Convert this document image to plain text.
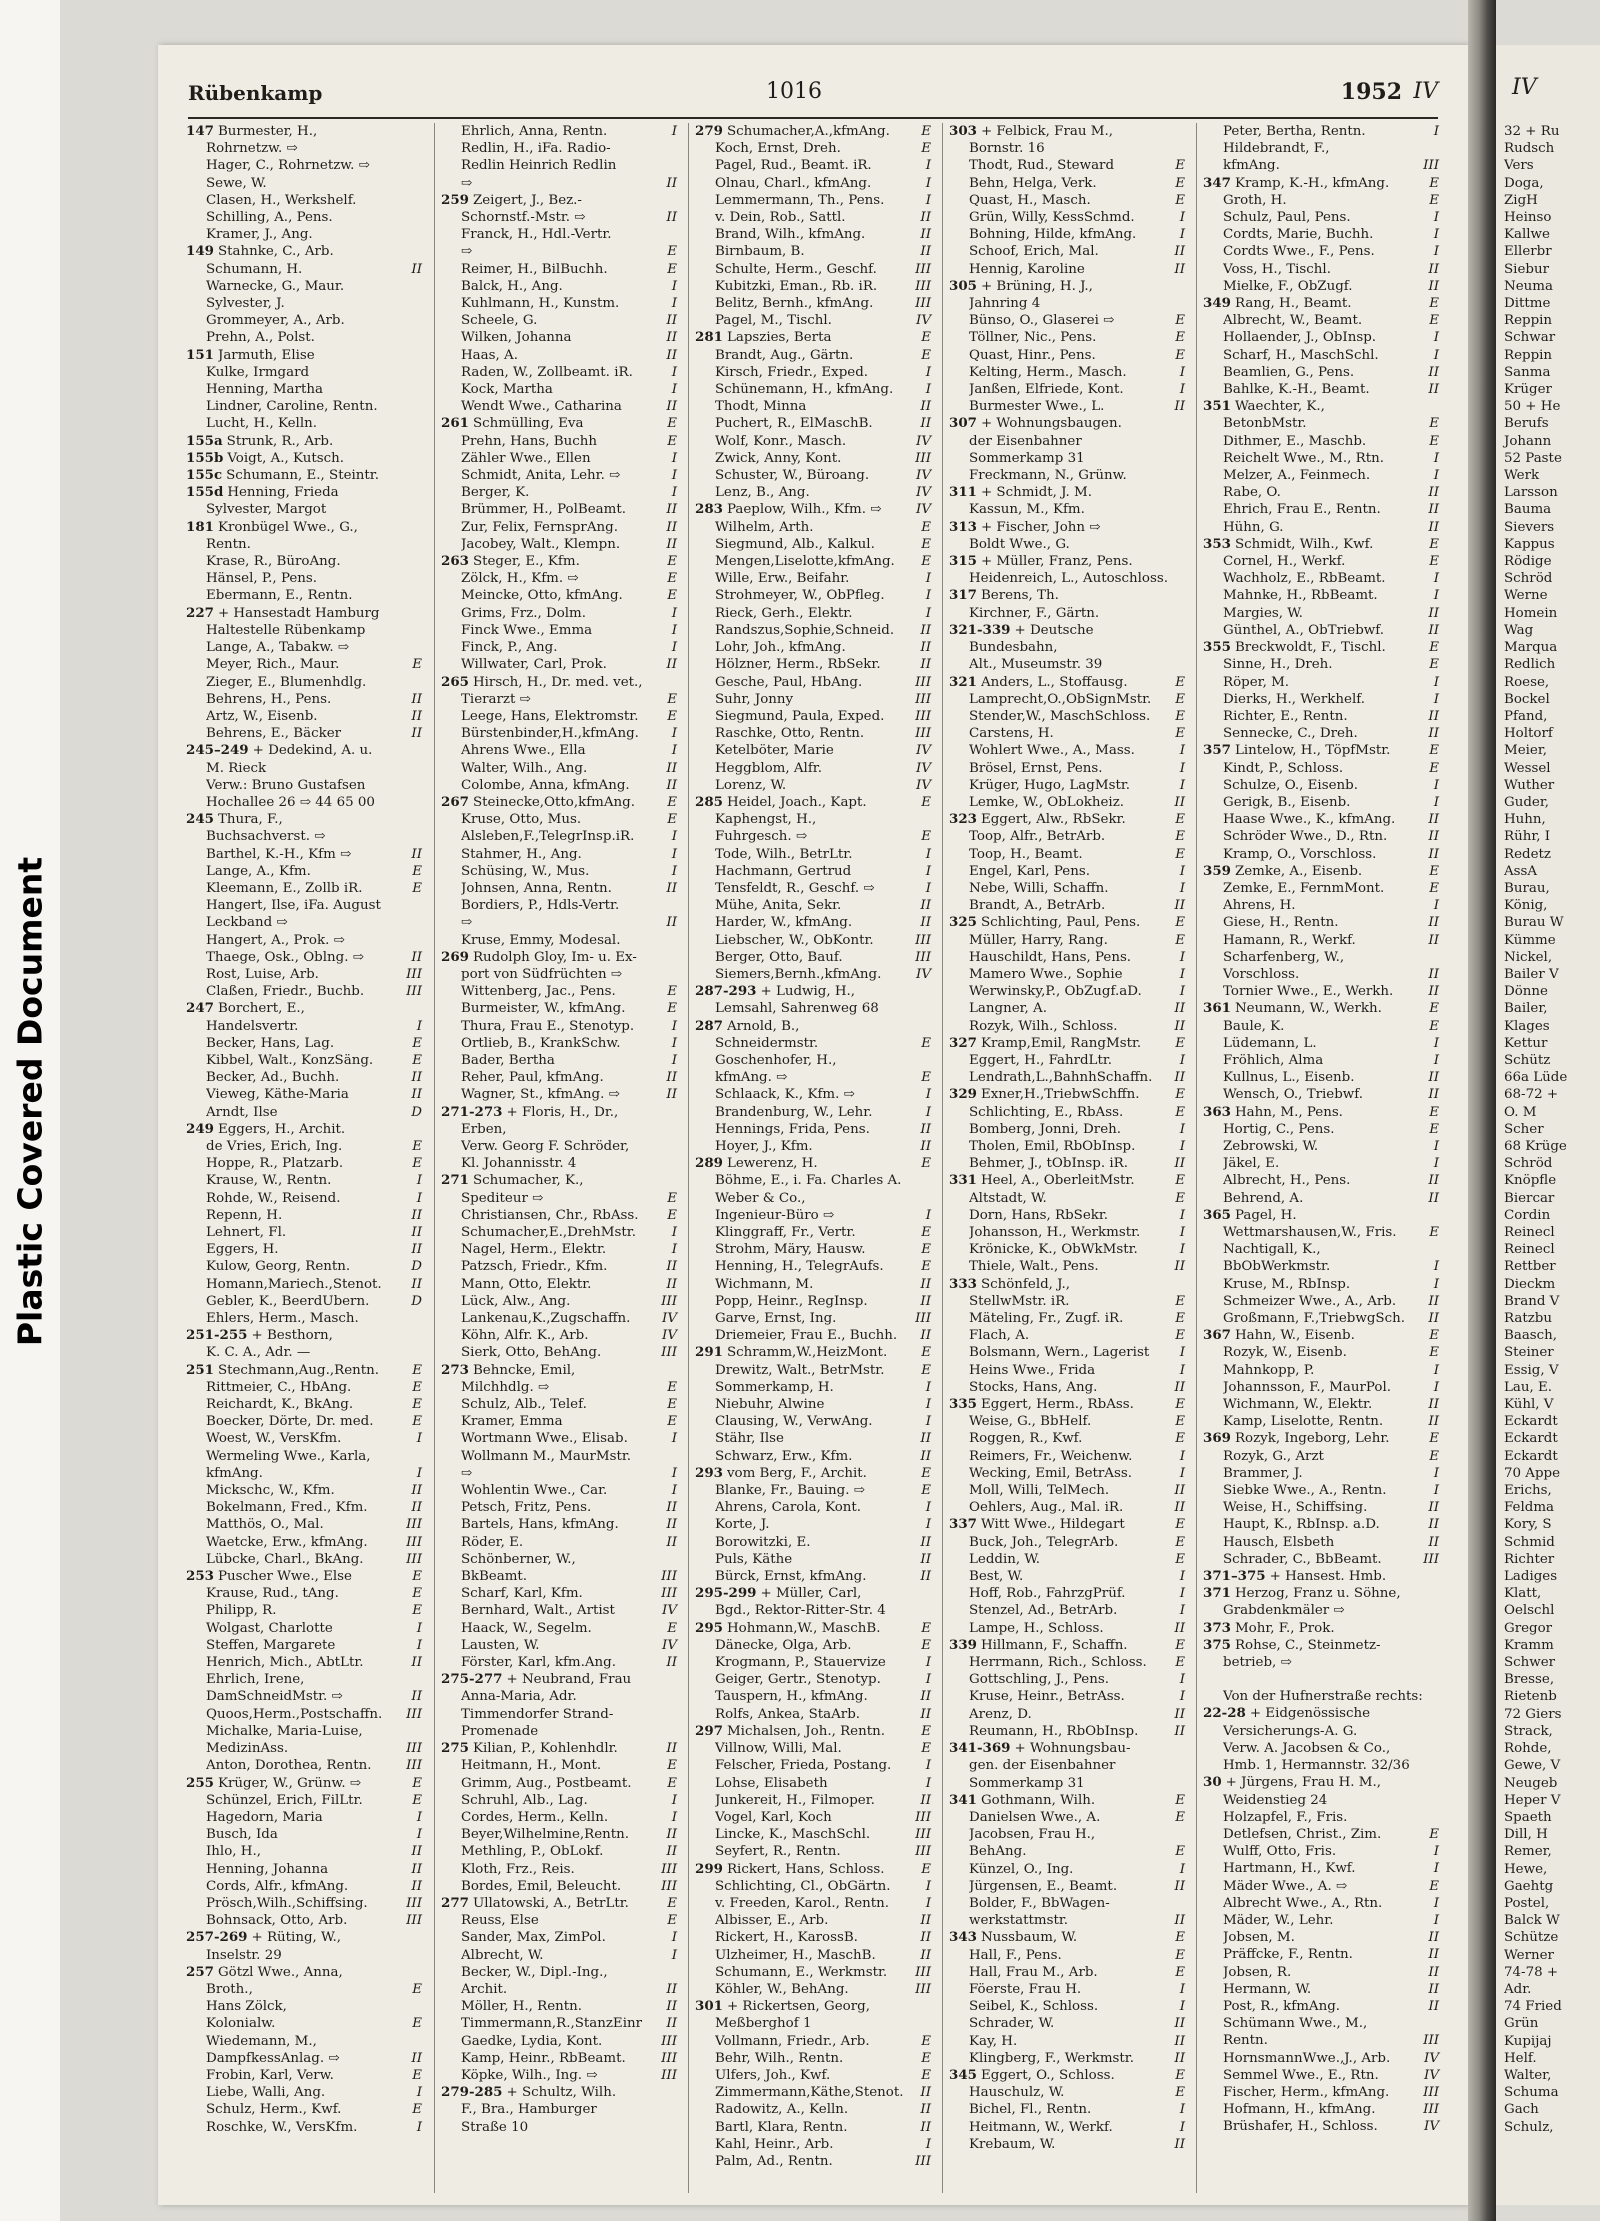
Plastic Covered Document
Rübenkamp	1016	1952 IV
147 Burmester, H.,
Rohrnetzw. ⇨
Hager, C., Rohrnetzw. ⇨
Sewe, W.
Clasen, H., Werkshelf.
Schilling, A., Pens.
Kramer, J., Ang.
149 Stahnke, C., Arb.
Schumann, H.	II
Warnecke, G., Maur.
Sylvester, J.
Grommeyer, A., Arb.
Prehn, A., Polst.
151 Jarmuth, Elise
Kulke, Irmgard
Henning, Martha
Lindner, Caroline, Rentn.
Lucht, H., Kelln.
155a Strunk, R., Arb.
155b Voigt, A., Kutsch.
155c Schumann, E., Steintr.
155d Henning, Frieda
Sylvester, Margot
181 Kronbügel Wwe., G.,
Rentn.
Krase, R., BüroAng.
Hänsel, P., Pens.
Ebermann, E., Rentn.
227 + Hansestadt Hamburg
Haltestelle Rübenkamp
Lange, A., Tabakw. ⇨
Meyer, Rich., Maur.	E
Zieger, E., Blumenhdlg.
Behrens, H., Pens.	II
Artz, W., Eisenb.	II
Behrens, E., Bäcker	II
245–249 + Dedekind, A. u.
M. Rieck
Verw.: Bruno Gustafsen
Hochallee 26 ⇨ 44 65 00
245 Thura, F.,
Buchsachverst. ⇨
Barthel, K.-H., Kfm ⇨	II
Lange, A., Kfm.	E
Kleemann, E., Zollb iR.	E
Hangert, Ilse, iFa. August
Leckband ⇨
Hangert, A., Prok. ⇨
Thaege, Osk., Oblng. ⇨	II
Rost, Luise, Arb.	III
Claßen, Friedr., Buchb.	III
247 Borchert, E.,
Handelsvertr.	I
Becker, Hans, Lag.	E
Kibbel, Walt., KonzSäng.	E
Becker, Ad., Buchh.	II
Vieweg, Käthe-Maria	II
Arndt, Ilse	D
249 Eggers, H., Archit.
de Vries, Erich, Ing.	E
Hoppe, R., Platzarb.	E
Krause, W., Rentn.	I
Rohde, W., Reisend.	I
Repenn, H.	II
Lehnert, Fl.	II
Eggers, H.	II
Kulow, Georg, Rentn.	D
Homann,Mariech.,Stenot.	II
Gebler, K., BeerdUbern.	D
Ehlers, Herm., Masch.
251-255 + Besthorn,
K. C. A., Adr. —
251 Stechmann,Aug.,Rentn.	E
Rittmeier, C., HbAng.	E
Reichardt, K., BkAng.	E
Boecker, Dörte, Dr. med.	E
Woest, W., VersKfm.	I
Wermeling Wwe., Karla,
kfmAng.	I
Mickschc, W., Kfm.	II
Bokelmann, Fred., Kfm.	II
Matthös, O., Mal.	III
Waetcke, Erw., kfmAng.	III
Lübcke, Charl., BkAng.	III
253 Puscher Wwe., Else	E
Krause, Rud., tAng.	E
Philipp, R.	E
Wolgast, Charlotte	I
Steffen, Margarete	I
Henrich, Mich., AbtLtr.	II
Ehrlich, Irene,
DamSchneidMstr. ⇨	II
Quoos,Herm.,Postschaffn.	III
Michalke, Maria-Luise,
MedizinAss.	III
Anton, Dorothea, Rentn.	III
255 Krüger, W., Grünw. ⇨	E
Schünzel, Erich, FilLtr.	E
Hagedorn, Maria	I
Busch, Ida	I
Ihlo, H.,	II
Henning, Johanna	II
Cords, Alfr., kfmAng.	II
Prösch,Wilh.,Schiffsing.	III
Bohnsack, Otto, Arb.	III
257-269 + Rüting, W.,
Inselstr. 29
257 Götzl Wwe., Anna,
Broth.,	E
Hans Zölck,
Kolonialw.	E
Wiedemann, M.,
DampfkessAnlag. ⇨	II
Frobin, Karl, Verw.	E
Liebe, Walli, Ang.	I
Schulz, Herm., Kwf.	E
Roschke, W., VersKfm.	I
Ehrlich, Anna, Rentn.	I
Redlin, H., iFa. Radio-
Redlin Heinrich Redlin
⇨	II
259 Zeigert, J., Bez.-
Schornstf.-Mstr. ⇨	II
Franck, H., Hdl.-Vertr.
⇨	E
Reimer, H., BilBuchh.	E
Balck, H., Ang.	I
Kuhlmann, H., Kunstm.	I
Scheele, G.	II
Wilken, Johanna	II
Haas, A.	II
Raden, W., Zollbeamt. iR.	I
Kock, Martha	I
Wendt Wwe., Catharina	II
261 Schmülling, Eva	E
Prehn, Hans, Buchh	E
Zähler Wwe., Ellen	I
Schmidt, Anita, Lehr. ⇨	I
Berger, K.	I
Brümmer, H., PolBeamt.	II
Zur, Felix, FernsprAng.	II
Jacobey, Walt., Klempn.	II
263 Steger, E., Kfm.	E
Zölck, H., Kfm. ⇨	E
Meincke, Otto, kfmAng.	E
Grims, Frz., Dolm.	I
Finck Wwe., Emma	I
Finck, P., Ang.	I
Willwater, Carl, Prok.	II
265 Hirsch, H., Dr. med. vet.,
Tierarzt ⇨	E
Leege, Hans, Elektromstr.	E
Bürstenbinder,H.,kfmAng.	I
Ahrens Wwe., Ella	I
Walter, Wilh., Ang.	II
Colombe, Anna, kfmAng.	II
267 Steinecke,Otto,kfmAng.	E
Kruse, Otto, Mus.	E
Alsleben,F.,TelegrInsp.iR.	I
Stahmer, H., Ang.	I
Schüsing, W., Mus.	I
Johnsen, Anna, Rentn.	II
Bordiers, P., Hdls-Vertr.
⇨	II
Kruse, Emmy, Modesal.
269 Rudolph Gloy, Im- u. Ex-
port von Südfrüchten ⇨
Wittenberg, Jac., Pens.	E
Burmeister, W., kfmAng.	E
Thura, Frau E., Stenotyp.	I
Ortlieb, B., KrankSchw.	I
Bader, Bertha	I
Reher, Paul, kfmAng.	II
Wagner, St., kfmAng. ⇨	II
271-273 + Floris, H., Dr.,
Erben,
Verw. Georg F. Schröder,
Kl. Johannisstr. 4
271 Schumacher, K.,
Spediteur ⇨	E
Christiansen, Chr., RbAss.	E
Schumacher,E.,DrehMstr.	I
Nagel, Herm., Elektr.	I
Patzsch, Friedr., Kfm.	II
Mann, Otto, Elektr.	II
Lück, Alw., Ang.	III
Lankenau,K.,Zugschaffn.	IV
Köhn, Alfr. K., Arb.	IV
Sierk, Otto, BehAng.	III
273 Behncke, Emil,
Milchhdlg. ⇨	E
Schulz, Alb., Telef.	E
Kramer, Emma	E
Wortmann Wwe., Elisab.	I
Wollmann M., MaurMstr.
⇨	I
Wohlentin Wwe., Car.	I
Petsch, Fritz, Pens.	II
Bartels, Hans, kfmAng.	II
Röder, E.	II
Schönberner, W.,
BkBeamt.	III
Scharf, Karl, Kfm.	III
Bernhard, Walt., Artist	IV
Haack, W., Segelm.	E
Lausten, W.	IV
Förster, Karl, kfm.Ang.	II
275-277 + Neubrand, Frau
Anna-Maria, Adr.
Timmendorfer Strand-
Promenade
275 Kilian, P., Kohlenhdlr.	II
Heitmann, H., Mont.	E
Grimm, Aug., Postbeamt.	E
Schruhl, Alb., Lag.	I
Cordes, Herm., Kelln.	I
Beyer,Wilhelmine,Rentn.	II
Methling, P., ObLokf.	II
Kloth, Frz., Reis.	III
Bordes, Emil, Beleucht.	III
277 Ullatowski, A., BetrLtr.	E
Reuss, Else	E
Sander, Max, ZimPol.	I
Albrecht, W.	I
Becker, W., Dipl.-Ing.,
Archit.	II
Möller, H., Rentn.	II
Timmermann,R.,StanzEinr	II
Gaedke, Lydia, Kont.	III
Kamp, Heinr., RbBeamt.	III
Köpke, Wilh., Ing. ⇨	III
279-285 + Schultz, Wilh.
F., Bra., Hamburger
Straße 10
279 Schumacher,A.,kfmAng.	E
Koch, Ernst, Dreh.	E
Pagel, Rud., Beamt. iR.	I
Olnau, Charl., kfmAng.	I
Lemmermann, Th., Pens.	I
v. Dein, Rob., Sattl.	II
Brand, Wilh., kfmAng.	II
Birnbaum, B.	II
Schulte, Herm., Geschf.	III
Kubitzki, Eman., Rb. iR.	III
Belitz, Bernh., kfmAng.	III
Pagel, M., Tischl.	IV
281 Lapszies, Berta	E
Brandt, Aug., Gärtn.	E
Kirsch, Friedr., Exped.	I
Schünemann, H., kfmAng.	I
Thodt, Minna	II
Puchert, R., ElMaschB.	II
Wolf, Konr., Masch.	IV
Zwick, Anny, Kont.	III
Schuster, W., Büroang.	IV
Lenz, B., Ang.	IV
283 Paeplow, Wilh., Kfm. ⇨	IV
Wilhelm, Arth.	E
Siegmund, Alb., Kalkul.	E
Mengen,Liselotte,kfmAng.	E
Wille, Erw., Beifahr.	I
Strohmeyer, W., ObPfleg.	I
Rieck, Gerh., Elektr.	I
Randszus,Sophie,Schneid.	II
Lohr, Joh., kfmAng.	II
Hölzner, Herm., RbSekr.	II
Gesche, Paul, HbAng.	III
Suhr, Jonny	III
Siegmund, Paula, Exped.	III
Raschke, Otto, Rentn.	III
Ketelböter, Marie	IV
Heggblom, Alfr.	IV
Lorenz, W.	IV
285 Heidel, Joach., Kapt.	E
Kaphengst, H.,
Fuhrgesch. ⇨	E
Tode, Wilh., BetrLtr.	I
Hachmann, Gertrud	I
Tensfeldt, R., Geschf. ⇨	I
Mühe, Anita, Sekr.	II
Harder, W., kfmAng.	II
Liebscher, W., ObKontr.	III
Berger, Otto, Bauf.	III
Siemers,Bernh.,kfmAng.	IV
287-293 + Ludwig, H.,
Lemsahl, Sahrenweg 68
287 Arnold, B.,
Schneidermstr.	E
Goschenhofer, H.,
kfmAng. ⇨	E
Schlaack, K., Kfm. ⇨	I
Brandenburg, W., Lehr.	I
Hennings, Frida, Pens.	II
Hoyer, J., Kfm.	II
289 Lewerenz, H.	E
Böhme, E., i. Fa. Charles A.
Weber & Co.,
Ingenieur-Büro ⇨	I
Klinggraff, Fr., Vertr.	E
Strohm, Märy, Hausw.	E
Henning, H., TelegrAufs.	E
Wichmann, M.	II
Popp, Heinr., RegInsp.	II
Garve, Ernst, Ing.	III
Driemeier, Frau E., Buchh.	II
291 Schramm,W.,HeizMont.	E
Drewitz, Walt., BetrMstr.	E
Sommerkamp, H.	I
Niebuhr, Alwine	I
Clausing, W., VerwAng.	I
Stähr, Ilse	II
Schwarz, Erw., Kfm.	II
293 vom Berg, F., Archit.	E
Blanke, Fr., Bauing. ⇨	E
Ahrens, Carola, Kont.	I
Korte, J.	I
Borowitzki, E.	II
Puls, Käthe	II
Bürck, Ernst, kfmAng.	II
295-299 + Müller, Carl,
Bgd., Rektor-Ritter-Str. 4
295 Hohmann,W., MaschB.	E
Dänecke, Olga, Arb.	E
Krogmann, P., Stauervize	I
Geiger, Gertr., Stenotyp.	I
Tauspern, H., kfmAng.	II
Rolfs, Ankea, StaArb.	II
297 Michalsen, Joh., Rentn.	E
Villnow, Willi, Mal.	E
Felscher, Frieda, Postang.	I
Lohse, Elisabeth	I
Junkereit, H., Filmoper.	II
Vogel, Karl, Koch	III
Lincke, K., MaschSchl.	III
Seyfert, R., Rentn.	III
299 Rickert, Hans, Schloss.	E
Schlichting, Cl., ObGärtn.	I
v. Freeden, Karol., Rentn.	I
Albisser, E., Arb.	II
Rickert, H., KarossB.	II
Ulzheimer, H., MaschB.	II
Schumann, E., Werkmstr.	III
Köhler, W., BehAng.	III
301 + Rickertsen, Georg,
Meßberghof 1
Vollmann, Friedr., Arb.	E
Behr, Wilh., Rentn.	E
Ulfers, Joh., Kwf.	E
Zimmermann,Käthe,Stenot.	II
Radowitz, A., Kelln.	II
Bartl, Klara, Rentn.	II
Kahl, Heinr., Arb.	I
Palm, Ad., Rentn.	III
303 + Felbick, Frau M.,
Bornstr. 16
Thodt, Rud., Steward	E
Behn, Helga, Verk.	E
Quast, H., Masch.	E
Grün, Willy, KessSchmd.	I
Bohning, Hilde, kfmAng.	I
Schoof, Erich, Mal.	II
Hennig, Karoline	II
305 + Brüning, H. J.,
Jahnring 4
Bünso, O., Glaserei ⇨	E
Töllner, Nic., Pens.	E
Quast, Hinr., Pens.	E
Kelting, Herm., Masch.	I
Janßen, Elfriede, Kont.	I
Burmester Wwe., L.	II
307 + Wohnungsbaugen.
der Eisenbahner
Sommerkamp 31
Freckmann, N., Grünw.
311 + Schmidt, J. M.
Kassun, M., Kfm.
313 + Fischer, John ⇨
Boldt Wwe., G.
315 + Müller, Franz, Pens.
Heidenreich, L., Autoschloss.
317 Berens, Th.
Kirchner, F., Gärtn.
321-339 + Deutsche
Bundesbahn,
Alt., Museumstr. 39
321 Anders, L., Stoffausg.	E
Lamprecht,O.,ObSignMstr.	E
Stender,W., MaschSchloss.	E
Carstens, H.	E
Wohlert Wwe., A., Mass.	I
Brösel, Ernst, Pens.	I
Krüger, Hugo, LagMstr.	I
Lemke, W., ObLokheiz.	II
323 Eggert, Alw., RbSekr.	E
Toop, Alfr., BetrArb.	E
Toop, H., Beamt.	E
Engel, Karl, Pens.	I
Nebe, Willi, Schaffn.	I
Brandt, A., BetrArb.	II
325 Schlichting, Paul, Pens.	E
Müller, Harry, Rang.	E
Hauschildt, Hans, Pens.	I
Mamero Wwe., Sophie	I
Werwinsky,P., ObZugf.aD.	I
Langner, A.	II
Rozyk, Wilh., Schloss.	II
327 Kramp,Emil, RangMstr.	E
Eggert, H., FahrdLtr.	I
Lendrath,L.,BahnhSchaffn.	II
329 Exner,H.,TriebwSchffn.	E
Schlichting, E., RbAss.	E
Bomberg, Jonni, Dreh.	I
Tholen, Emil, RbObInsp.	I
Behmer, J., tObInsp. iR.	II
331 Heel, A., OberleitMstr.	E
Altstadt, W.	E
Dorn, Hans, RbSekr.	I
Johansson, H., Werkmstr.	I
Krönicke, K., ObWkMstr.	I
Thiele, Walt., Pens.	II
333 Schönfeld, J.,
StellwMstr. iR.	E
Mäteling, Fr., Zugf. iR.	E
Flach, A.	E
Bolsmann, Wern., Lagerist	I
Heins Wwe., Frida	I
Stocks, Hans, Ang.	II
335 Eggert, Herm., RbAss.	E
Weise, G., BbHelf.	E
Roggen, R., Kwf.	E
Reimers, Fr., Weichenw.	I
Wecking, Emil, BetrAss.	I
Moll, Willi, TelMech.	II
Oehlers, Aug., Mal. iR.	II
337 Witt Wwe., Hildegart	E
Buck, Joh., TelegrArb.	E
Leddin, W.	E
Best, W.	I
Hoff, Rob., FahrzgPrüf.	I
Stenzel, Ad., BetrArb.	I
Lampe, H., Schloss.	II
339 Hillmann, F., Schaffn.	E
Herrmann, Rich., Schloss.	E
Gottschling, J., Pens.	I
Kruse, Heinr., BetrAss.	I
Arenz, D.	II
Reumann, H., RbObInsp.	II
341-369 + Wohnungsbau-
gen. der Eisenbahner
Sommerkamp 31
341 Gothmann, Wilh.	E
Danielsen Wwe., A.	E
Jacobsen, Frau H.,
BehAng.	E
Künzel, O., Ing.	I
Jürgensen, E., Beamt.	II
Bolder, F., BbWagen-
werkstattmstr.	II
343 Nussbaum, W.	E
Hall, F., Pens.	E
Hall, Frau M., Arb.	E
Föerste, Frau H.	I
Seibel, K., Schloss.	I
Schrader, W.	II
Kay, H.	II
Klingberg, F., Werkmstr.	II
345 Eggert, O., Schloss.	E
Hauschulz, W.	E
Bichel, Fl., Rentn.	I
Heitmann, W., Werkf.	I
Krebaum, W.	II
Peter, Bertha, Rentn.	I
Hildebrandt, F.,
kfmAng.	III
347 Kramp, K.-H., kfmAng.	E
Groth, H.	E
Schulz, Paul, Pens.	I
Cordts, Marie, Buchh.	I
Cordts Wwe., F., Pens.	I
Voss, H., Tischl.	II
Mielke, F., ObZugf.	II
349 Rang, H., Beamt.	E
Albrecht, W., Beamt.	E
Hollaender, J., ObInsp.	I
Scharf, H., MaschSchl.	I
Beamlien, G., Pens.	II
Bahlke, K.-H., Beamt.	II
351 Waechter, K.,
BetonbMstr.	E
Dithmer, E., Maschb.	E
Reichelt Wwe., M., Rtn.	I
Melzer, A., Feinmech.	I
Rabe, O.	II
Ehrich, Frau E., Rentn.	II
Hühn, G.	II
353 Schmidt, Wilh., Kwf.	E
Cornel, H., Werkf.	E
Wachholz, E., RbBeamt.	I
Mahnke, H., RbBeamt.	I
Margies, W.	II
Günthel, A., ObTriebwf.	II
355 Breckwoldt, F., Tischl.	E
Sinne, H., Dreh.	E
Röper, M.	I
Dierks, H., Werkhelf.	I
Richter, E., Rentn.	II
Sennecke, C., Dreh.	II
357 Lintelow, H., TöpfMstr.	E
Kindt, P., Schloss.	E
Schulze, O., Eisenb.	I
Gerigk, B., Eisenb.	I
Haase Wwe., K., kfmAng.	II
Schröder Wwe., D., Rtn.	II
Kramp, O., Vorschloss.	II
359 Zemke, A., Eisenb.	E
Zemke, E., FernmMont.	E
Ahrens, H.	I
Giese, H., Rentn.	II
Hamann, R., Werkf.	II
Scharfenberg, W.,
Vorschloss.	II
Tornier Wwe., E., Werkh.	II
361 Neumann, W., Werkh.	E
Baule, K.	E
Lüdemann, L.	I
Fröhlich, Alma	I
Kullnus, L., Eisenb.	II
Wensch, O., Triebwf.	II
363 Hahn, M., Pens.	E
Hortig, C., Pens.	E
Zebrowski, W.	I
Jäkel, E.	I
Albrecht, H., Pens.	II
Behrend, A.	II
365 Pagel, H.
Wettmarshausen,W., Fris.	E
Nachtigall, K.,
BbObWerkmstr.	I
Kruse, M., RbInsp.	I
Schmeizer Wwe., A., Arb.	II
Großmann, F.,TriebwgSch.	II
367 Hahn, W., Eisenb.	E
Rozyk, W., Eisenb.	E
Mahnkopp, P.	I
Johannsson, F., MaurPol.	I
Wichmann, W., Elektr.	II
Kamp, Liselotte, Rentn.	II
369 Rozyk, Ingeborg, Lehr.	E
Rozyk, G., Arzt	E
Brammer, J.	I
Siebke Wwe., A., Rentn.	I
Weise, H., Schiffsing.	II
Haupt, K., RbInsp. a.D.	II
Hausch, Elsbeth	II
Schrader, C., BbBeamt.	III
371–375 + Hansest. Hmb.
371 Herzog, Franz u. Söhne,
Grabdenkmäler ⇨
373 Mohr, F., Prok.
375 Rohse, C., Steinmetz-
betrieb, ⇨
Von der Hufnerstraße rechts:
22-28 + Eidgenössische
Versicherungs-A. G.
Verw. A. Jacobsen & Co.,
Hmb. 1, Hermannstr. 32/36
30 + Jürgens, Frau H. M.,
Weidenstieg 24
Holzapfel, F., Fris.
Detlefsen, Christ., Zim.	E
Wulff, Otto, Fris.	I
Hartmann, H., Kwf.	I
Mäder Wwe., A. ⇨	E
Albrecht Wwe., A., Rtn.	I
Mäder, W., Lehr.	I
Jobsen, M.	II
Präffcke, F., Rentn.	II
Jobsen, R.	II
Hermann, W.	II
Post, R., kfmAng.	II
Schümann Wwe., M.,
Rentn.	III
HornsmannWwe.,J., Arb.	IV
Semmel Wwe., E., Rtn.	IV
Fischer, Herm., kfmAng.	III
Hofmann, H., kfmAng.	III
Brüshafer, H., Schloss.	IV
IV
32 + Ru
Rudsch
Vers
Doga,
ZigH
Heinso
Kallwe
Ellerbr
Siebur
Neuma
Dittme
Reppin
Schwar
Reppin
Sanma
Krüger
50 + He
Berufs
Johann
52 Paste
Werk
Larsson
Bauma
Sievers
Kappus
Rödige
Schröd
Werne
Homein
Wag
Marqua
Redlich
Roese,
Bockel
Pfand,
Holtorf
Meier,
Wessel
Wuther
Guder,
Huhn,
Rühr, I
Redetz
AssA
Burau,
König,
Burau W
Kümme
Nickel,
Bailer V
Dönne
Bailer,
Klages
Kettur
Schütz
66a Lüde
68-72 +
O. M
Scher
68 Krüge
Schröd
Knöpfle
Biercar
Cordin
Reinecl
Reinecl
Rettber
Dieckm
Brand V
Ratzbu
Baasch,
Steiner
Essig, V
Lau, E.
Kühl, V
Eckardt
Eckardt
Eckardt
70 Appe
Erichs,
Feldma
Kory, S
Schmid
Richter
Ladiges
Klatt,
Oelschl
Gregor
Kramm
Schwer
Bresse,
Rietenb
72 Giers
Strack,
Rohde,
Gewe, V
Neugeb
Heper V
Spaeth
Dill, H
Remer,
Hewe,
Gaehtg
Postel,
Balck W
Schütze
Werner
74-78 +
Adr.
74 Fried
Grün
Kupijaj
Helf.
Walter,
Schuma
Gach
Schulz,
